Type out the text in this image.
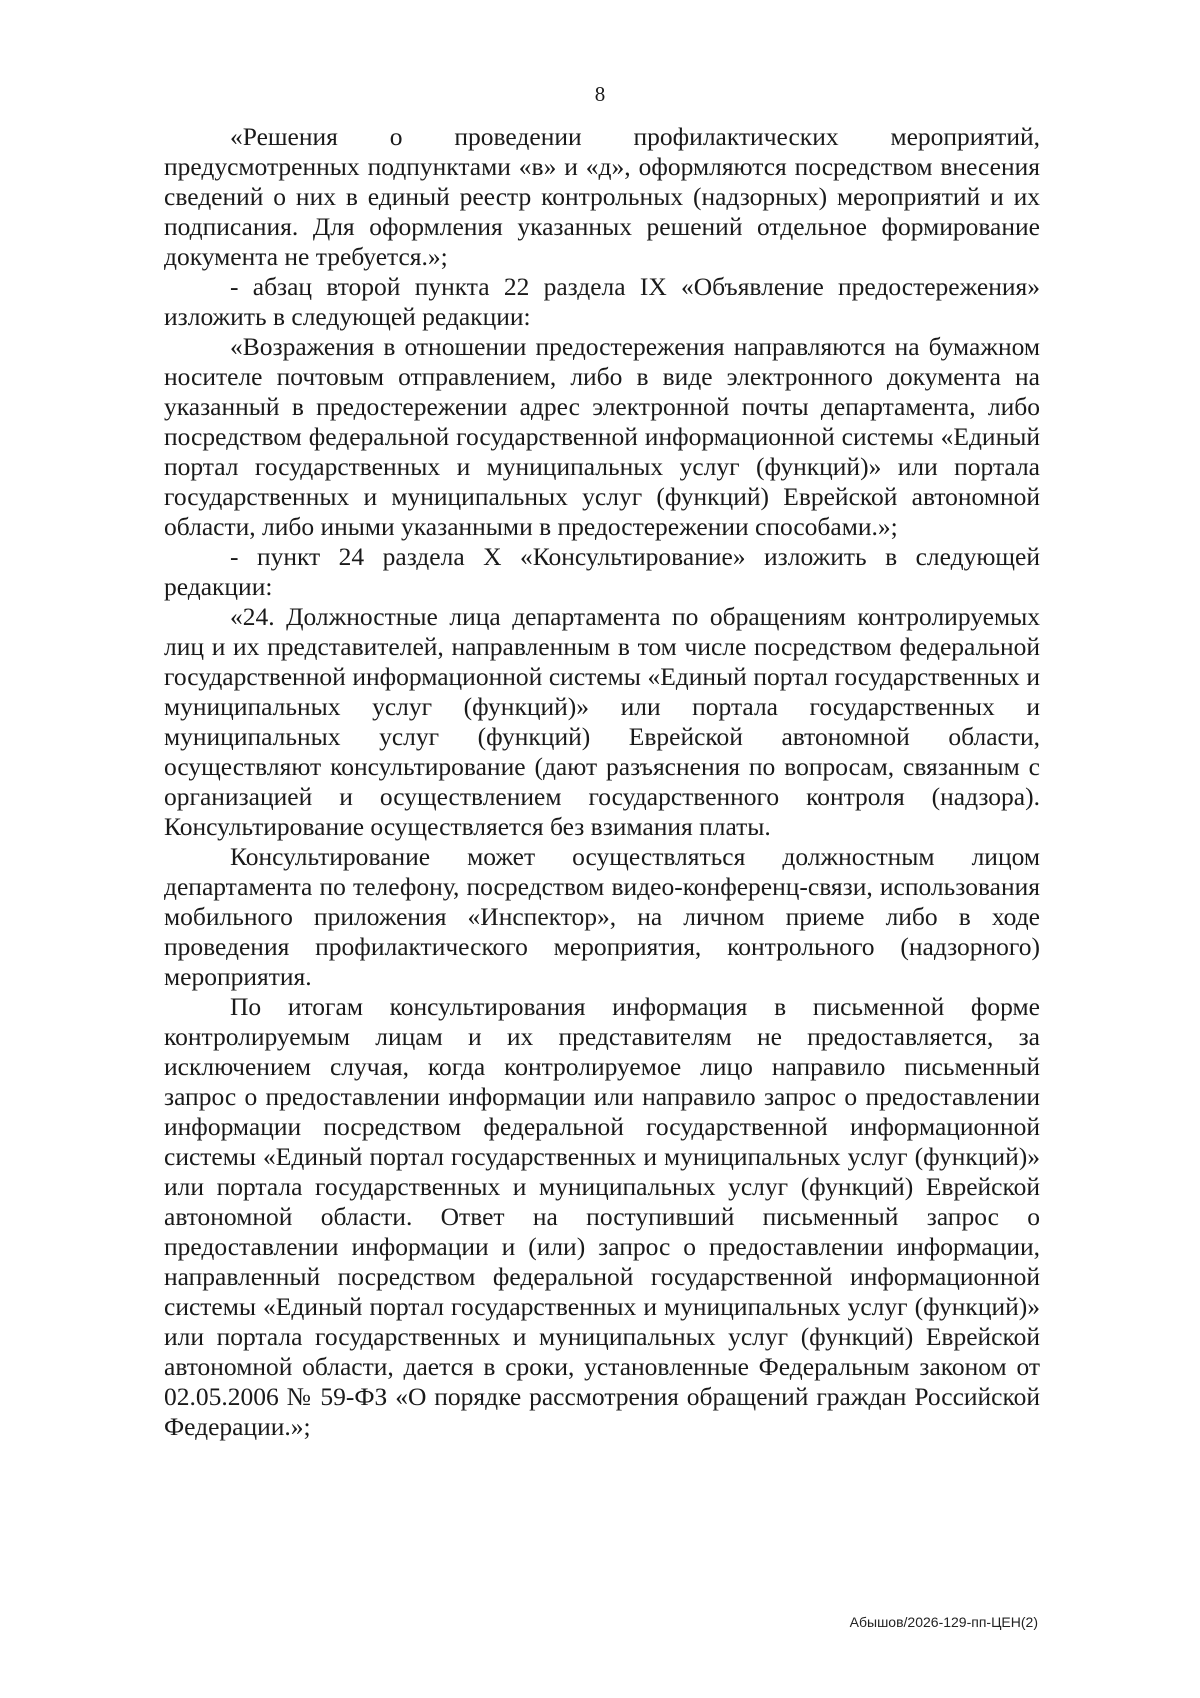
8

«Решения о проведении профилактических мероприятий, предусмотренных подпунктами «в» и «д», оформляются посредством внесения сведений о них в единый реестр контрольных (надзорных) мероприятий и их подписания. Для оформления указанных решений отдельное формирование документа не требуется.»;

- абзац второй пункта 22 раздела IX «Объявление предостережения» изложить в следующей редакции:

«Возражения в отношении предостережения направляются на бумажном носителе почтовым отправлением, либо в виде электронного документа на указанный в предостережении адрес электронной почты департамента, либо посредством федеральной государственной информационной системы «Единый портал государственных и муниципальных услуг (функций)» или портала государственных и муниципальных услуг (функций) Еврейской автономной области, либо иными указанными в предостережении способами.»;

- пункт 24 раздела X «Консультирование» изложить в следующей редакции:

«24. Должностные лица департамента по обращениям контролируемых лиц и их представителей, направленным в том числе посредством федеральной государственной информационной системы «Единый портал государственных и муниципальных услуг (функций)» или портала государственных и муниципальных услуг (функций) Еврейской автономной области, осуществляют консультирование (дают разъяснения по вопросам, связанным с организацией и осуществлением государственного контроля (надзора). Консультирование осуществляется без взимания платы.

Консультирование может осуществляться должностным лицом департамента по телефону, посредством видео-конференц-связи, использования мобильного приложения «Инспектор», на личном приеме либо в ходе проведения профилактического мероприятия, контрольного (надзорного) мероприятия.

По итогам консультирования информация в письменной форме контролируемым лицам и их представителям не предоставляется, за исключением случая, когда контролируемое лицо направило письменный запрос о предоставлении информации или направило запрос о предоставлении информации посредством федеральной государственной информационной системы «Единый портал государственных и муниципальных услуг (функций)» или портала государственных и муниципальных услуг (функций) Еврейской автономной области. Ответ на поступивший письменный запрос о предоставлении информации и (или) запрос о предоставлении информации, направленный посредством федеральной государственной информационной системы «Единый портал государственных и муниципальных услуг (функций)» или портала государственных и муниципальных услуг (функций) Еврейской автономной области, дается в сроки, установленные Федеральным законом от 02.05.2006 № 59-ФЗ «О порядке рассмотрения обращений граждан Российской Федерации.»;

Абышов/2026-129-пп-ЦЕН(2)
